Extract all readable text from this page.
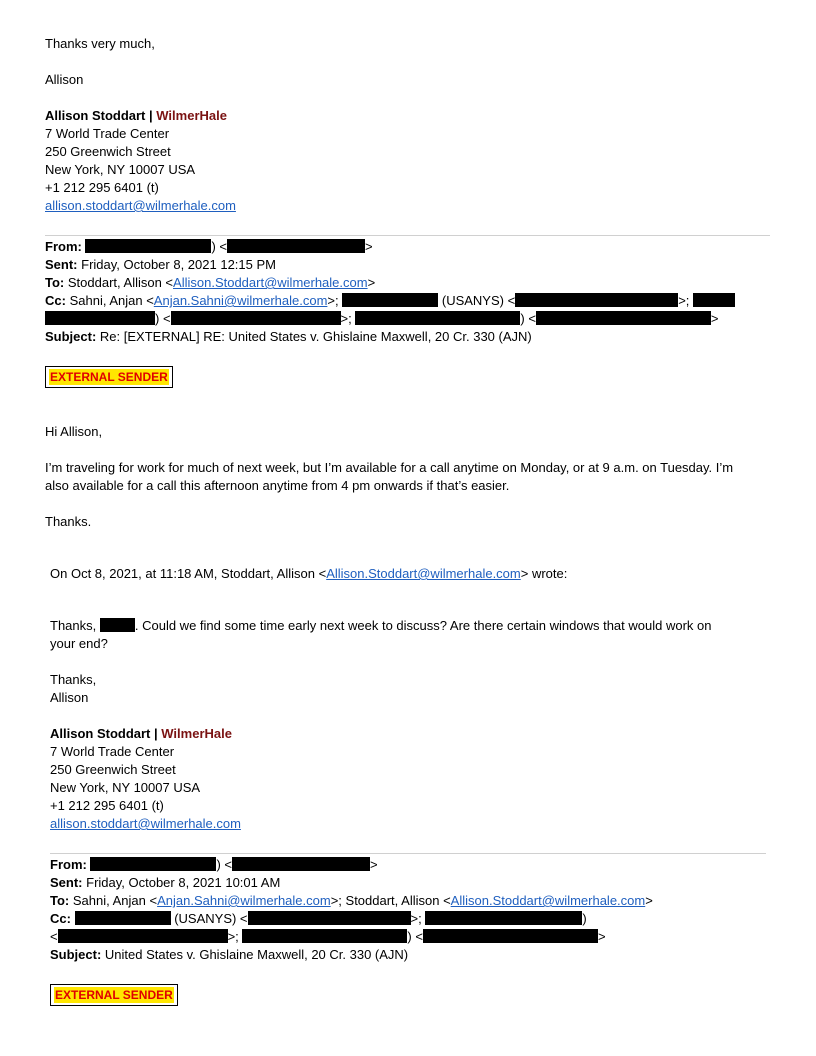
Thanks very much,
Allison
Allison Stoddart | WilmerHale
7 World Trade Center
250 Greenwich Street
New York, NY 10007 USA
+1 212 295 6401 (t)
allison.stoddart@wilmerhale.com
From:	) <	>
Sent: Friday, October 8, 2021 12:15 PM
To: Stoddart, Allison <Allison.Stoddart@wilmerhale.com>
Cc: Sahni, Anjan <Anjan.Sahni@wilmerhale.com>;	(USANYS) <	>;
) <	>;	) <	>
Subject: Re: [EXTERNAL] RE: United States v. Ghislaine Maxwell, 20 Cr. 330 (AJN)
EXTERNAL SENDER
Hi Allison,
I’m traveling for work for much of next week, but I’m available for a call anytime on Monday, or at 9 a.m. on Tuesday. I’m
also available for a call this afternoon anytime from 4 pm onwards if that’s easier.
Thanks.
On Oct 8, 2021, at 11:18 AM, Stoddart, Allison <Allison.Stoddart@wilmerhale.com> wrote:
Thanks,	. Could we find some time early next week to discuss? Are there certain windows that would work on
your end?
Thanks,
Allison
Allison Stoddart | WilmerHale
7 World Trade Center
250 Greenwich Street
New York, NY 10007 USA
+1 212 295 6401 (t)
allison.stoddart@wilmerhale.com
From:	) <	>
Sent: Friday, October 8, 2021 10:01 AM
To: Sahni, Anjan <Anjan.Sahni@wilmerhale.com>; Stoddart, Allison <Allison.Stoddart@wilmerhale.com>
Cc:	(USANYS) <	>;	)
<	>;	) <	>
Subject: United States v. Ghislaine Maxwell, 20 Cr. 330 (AJN)
EXTERNAL SENDER
